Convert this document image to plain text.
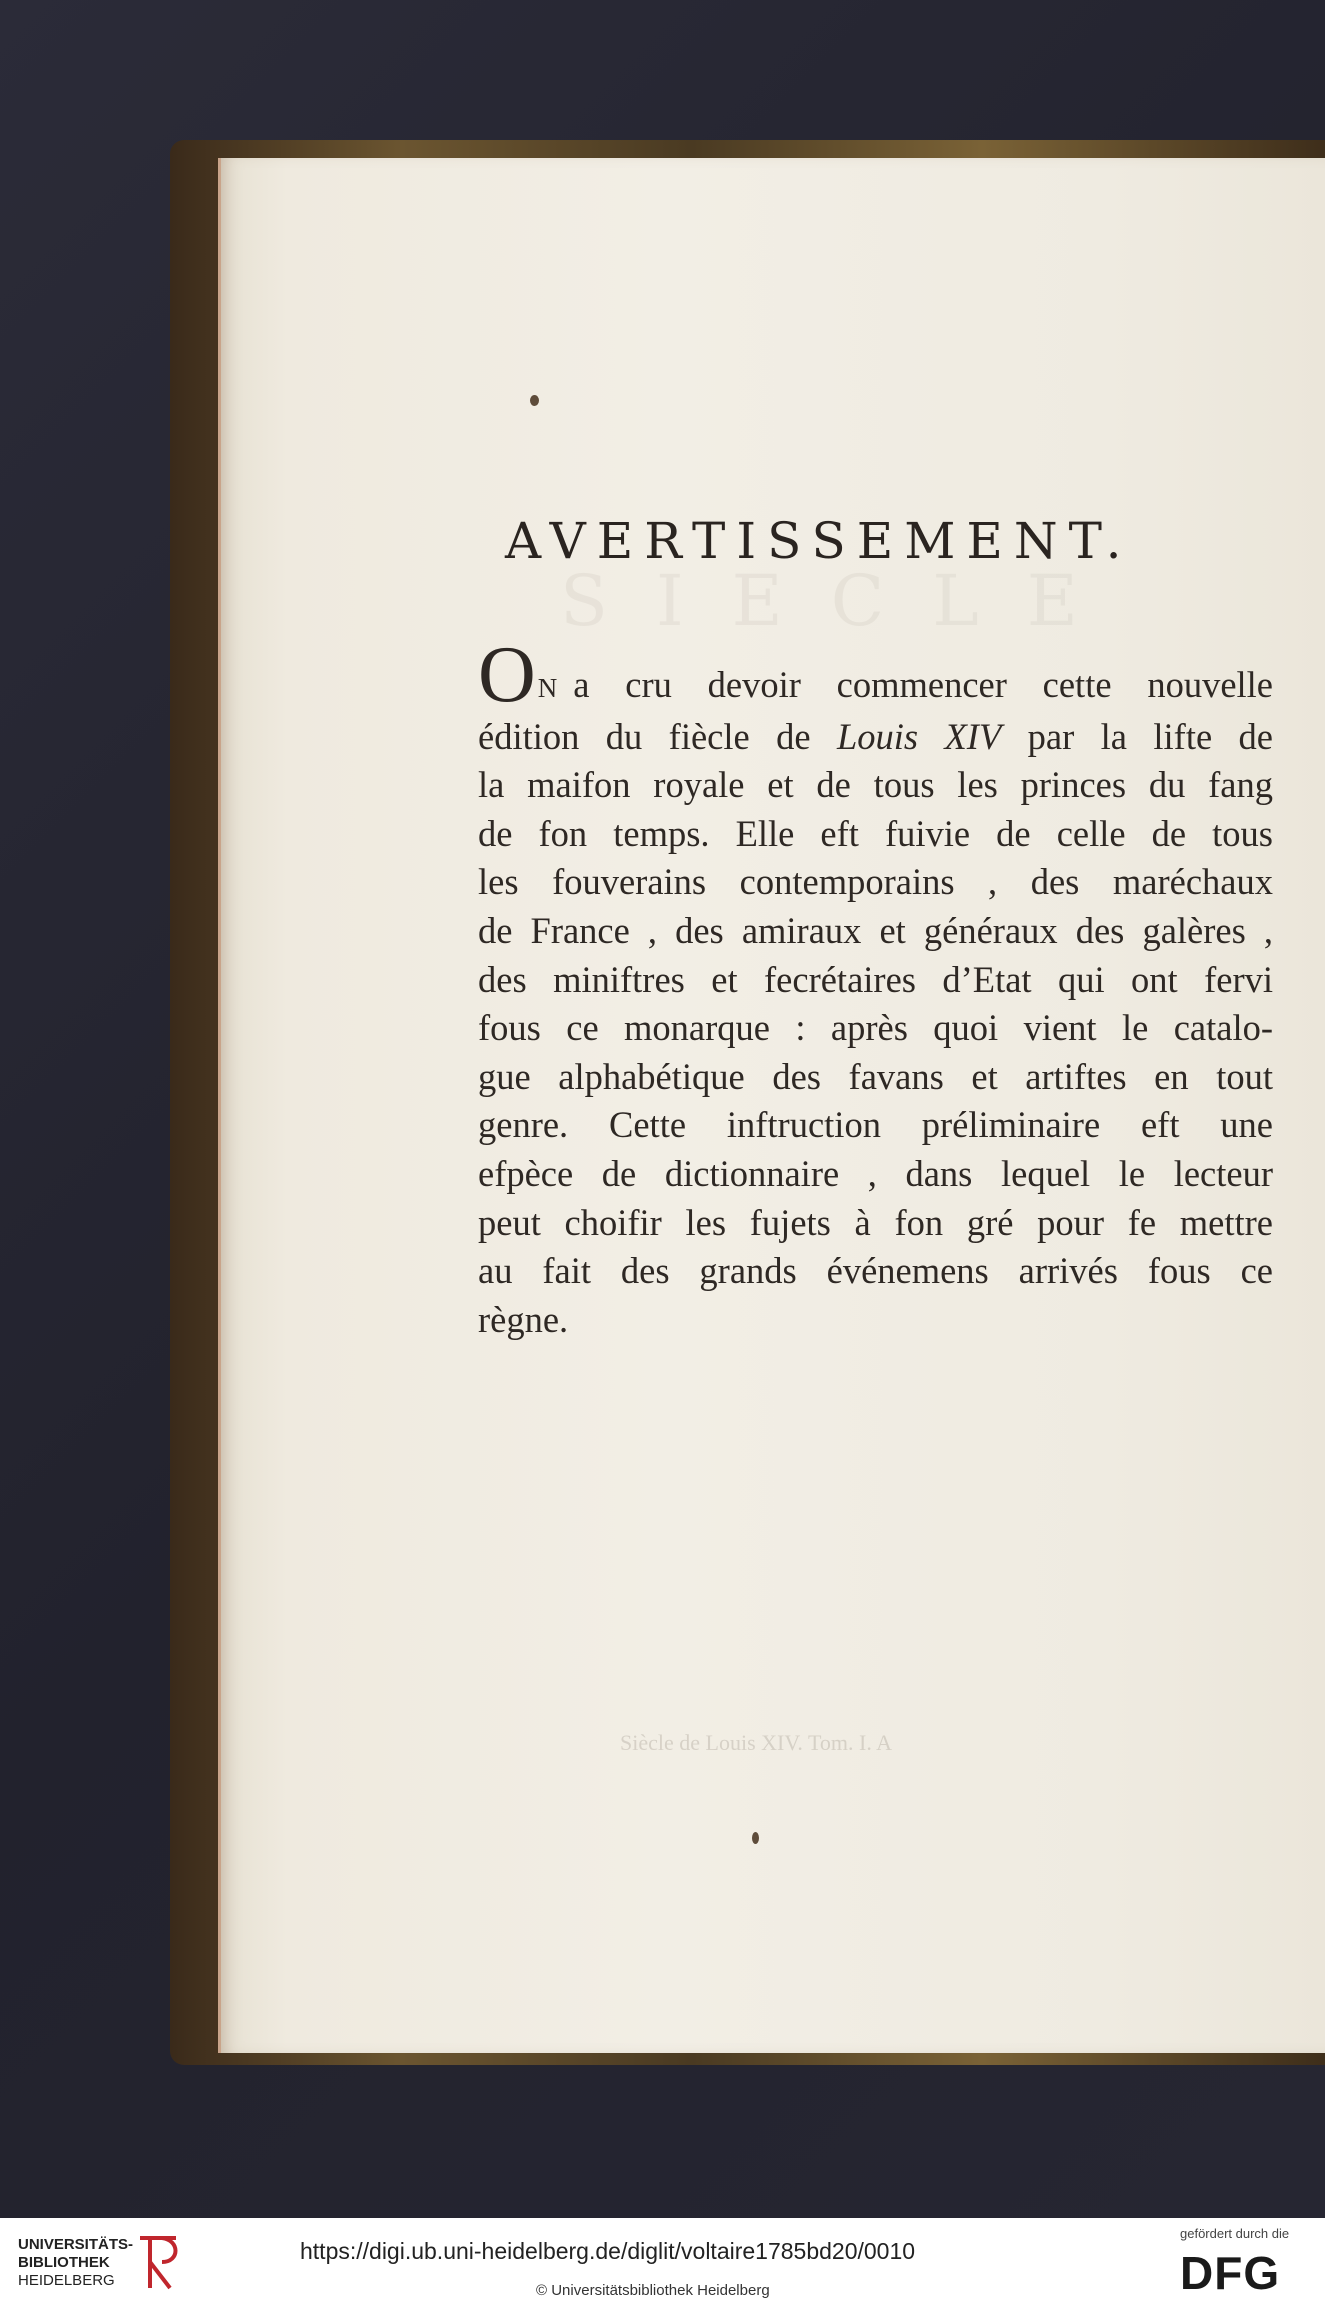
SIECLE
AVERTISSEMENT.
ON a cru devoir commencer cette nouvelle
édition du fiècle de Louis XIV par la lifte de
la maifon royale et de tous les princes du fang
de fon temps. Elle eft fuivie de celle de tous
les fouverains contemporains , des maréchaux
de France , des amiraux et généraux des galères ,
des miniftres et fecrétaires d’Etat qui ont fervi
fous ce monarque : après quoi vient le catalo-
gue alphabétique des favans et artiftes en tout
genre. Cette inftruction préliminaire eft une
efpèce de dictionnaire , dans lequel le lecteur
peut choifir les fujets à fon gré pour fe mettre
au fait des grands événemens arrivés fous ce
règne.
Siècle de Louis XIV. Tom. I. A
UNIVERSITÄTS-
BIBLIOTHEK
HEIDELBERG
https://digi.ub.uni-heidelberg.de/diglit/voltaire1785bd20/0010
© Universitätsbibliothek Heidelberg
gefördert durch die
DFG
